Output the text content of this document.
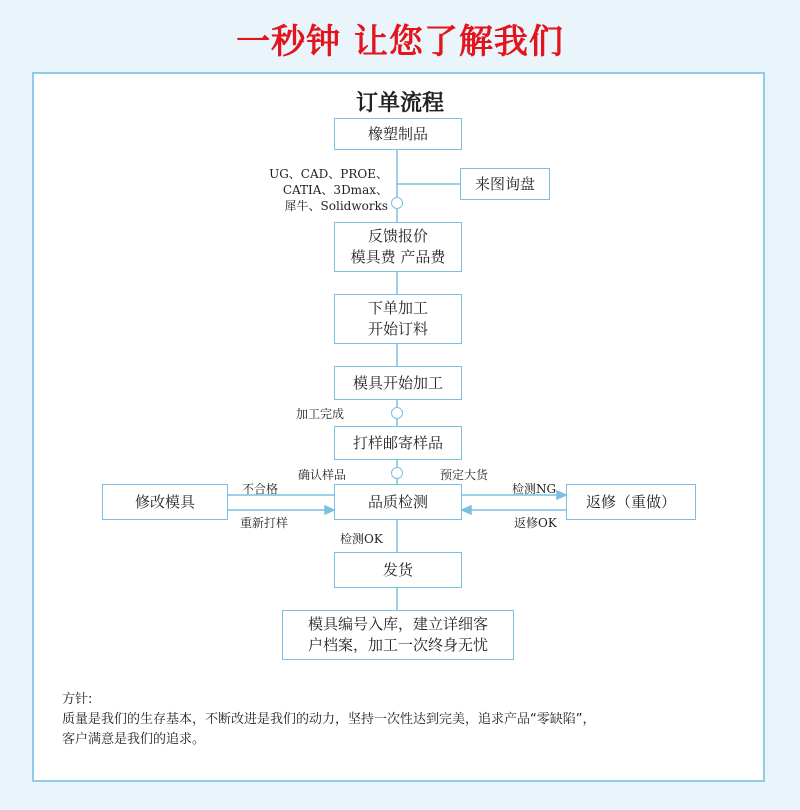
一秒钟 让您了解我们
订单流程
橡塑制品
来图询盘
反馈报价
模具费 产品费
下单加工
开始订料
模具开始加工
打样邮寄样品
品质检测
修改模具	返修（重做）
发货
模具编号入库，建立详细客
户档案，加工一次终身无忧
UG、CAD、PROE、
CATIA、3Dmax、
犀牛、Solidworks
加工完成
确认样品	预定大货
不合格
重新打样
检测NG
返修OK
检测OK
方针:
质量是我们的生存基本，不断改进是我们的动力，坚持一次性达到完美，追求产品“零缺陷”，
客户满意是我们的追求。
